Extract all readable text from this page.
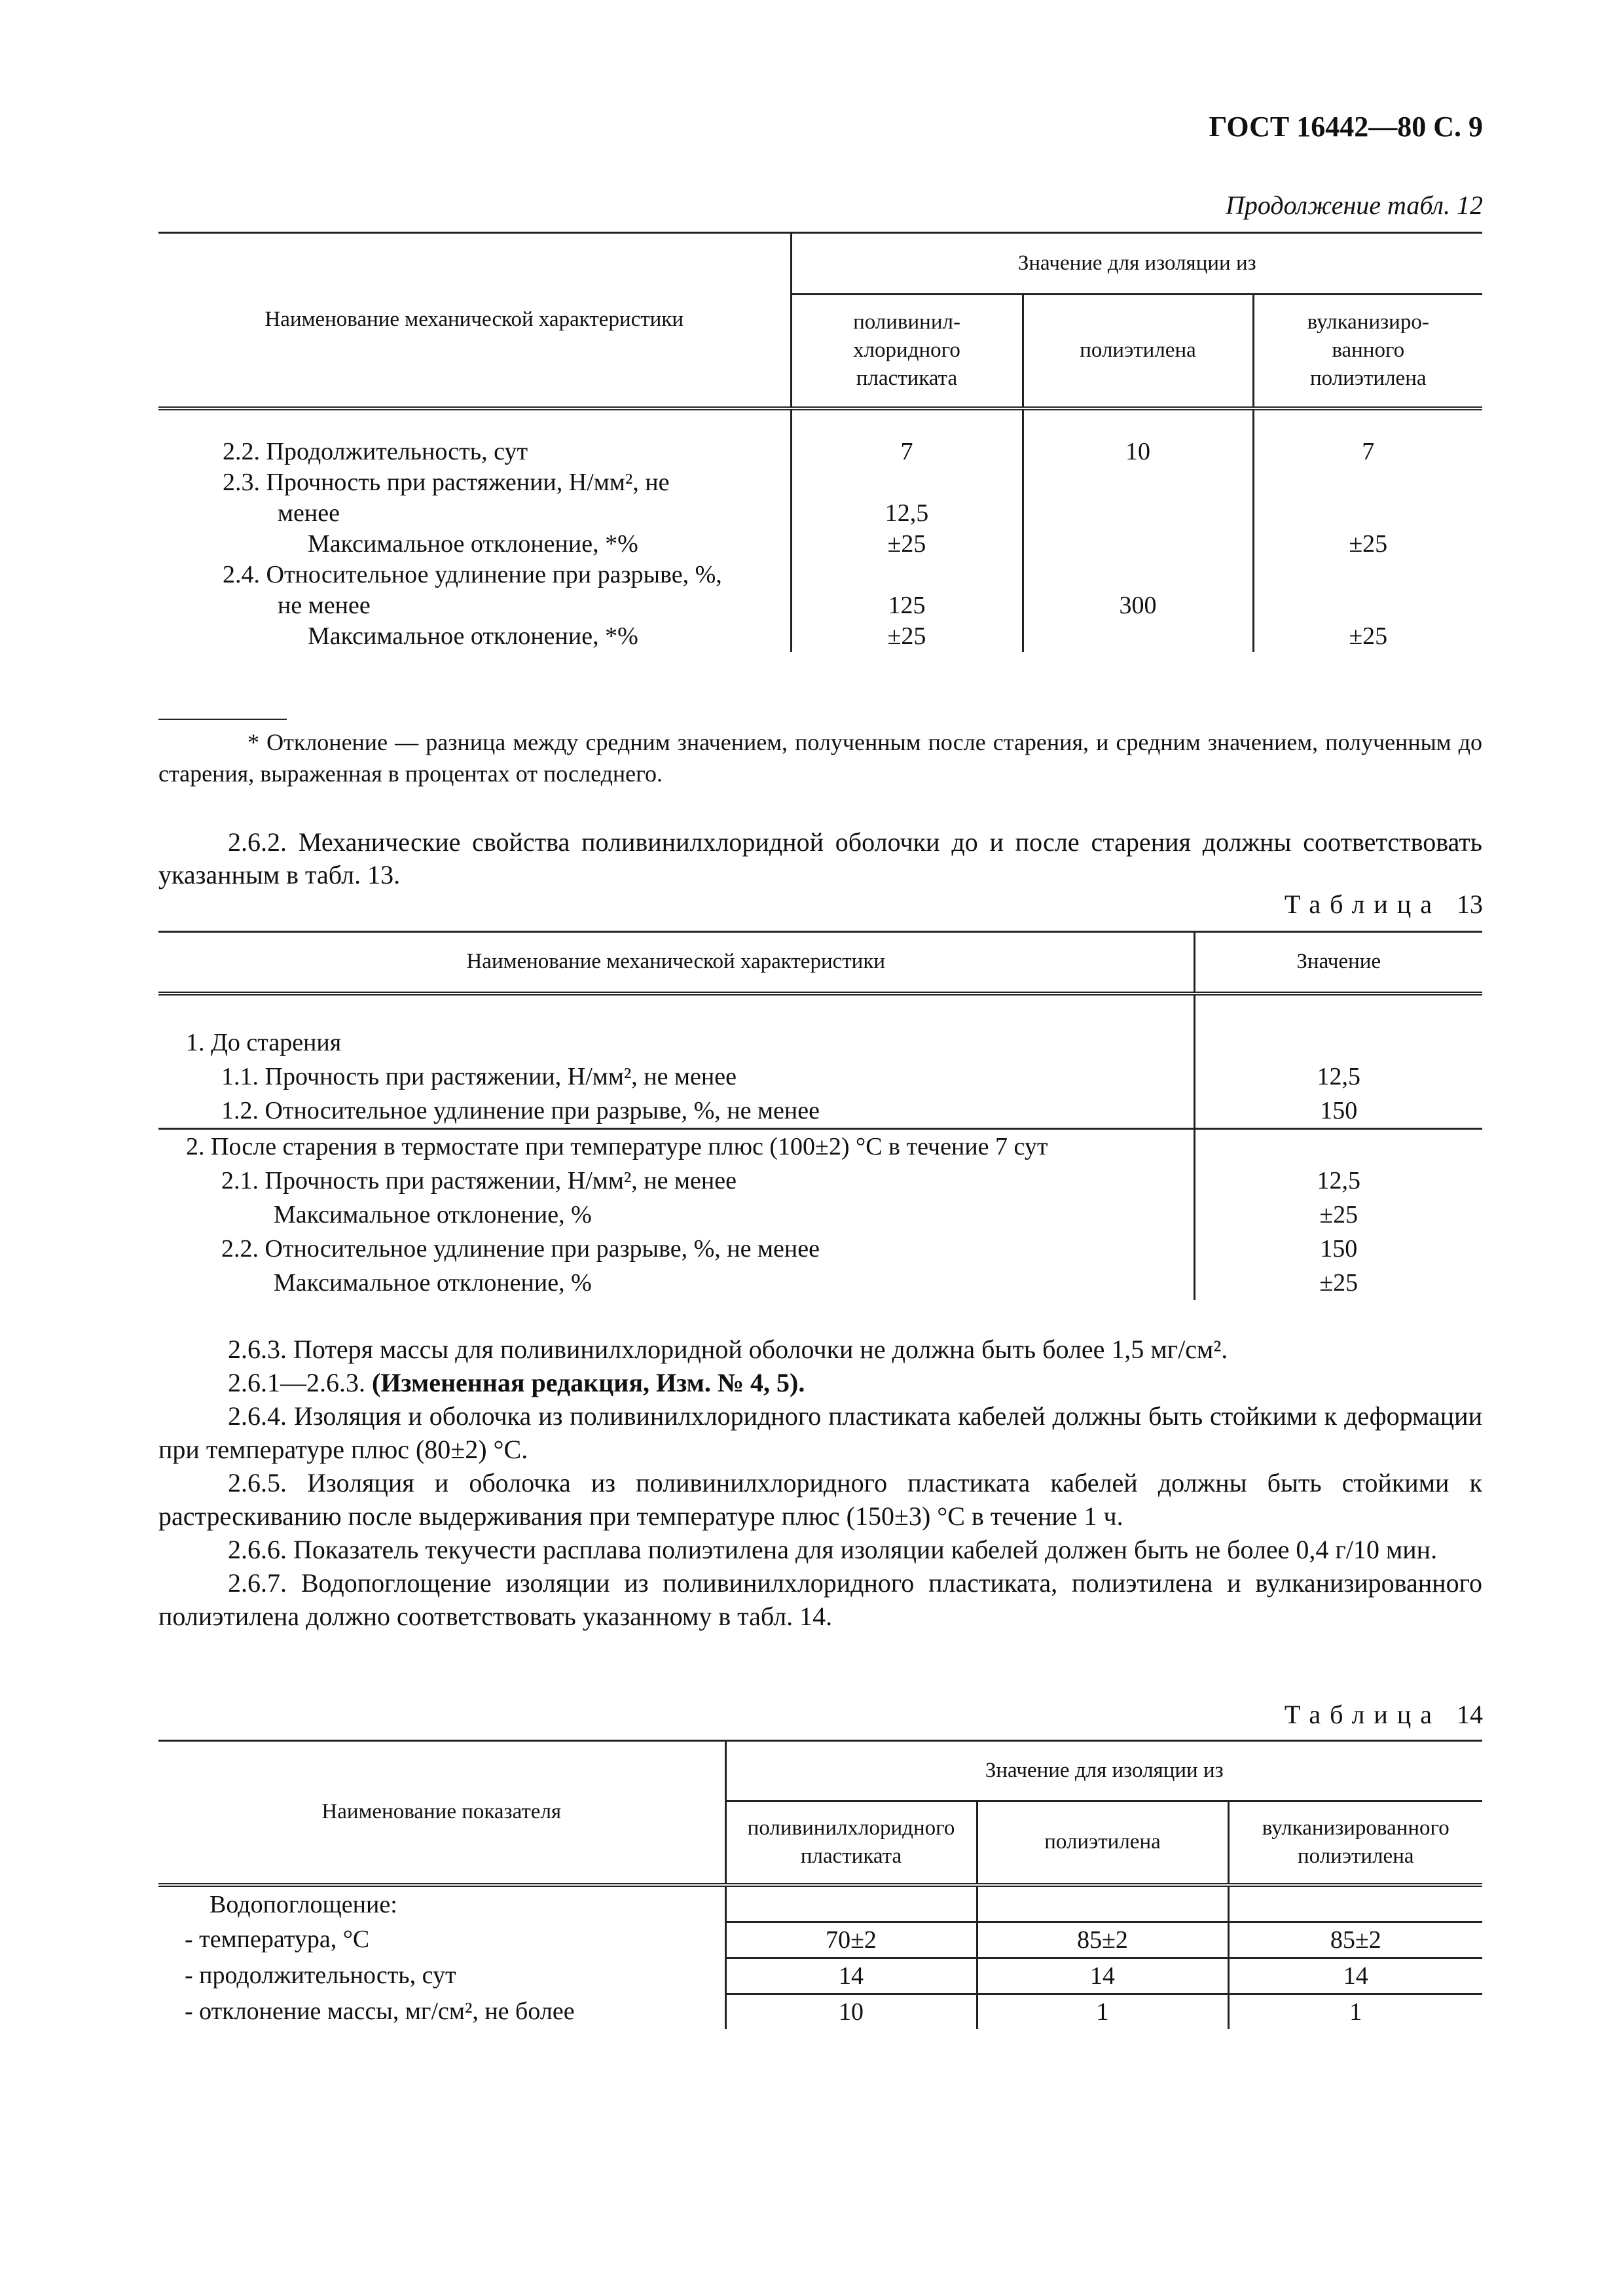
ГОСТ 16442—80 С. 9
Продолжение табл. 12
Наименование механической характеристики	Значение для изоляции из		
	поливинил-
хлоридного
пластиката	полиэтилена	вулканизиро-
ванного
полиэтилена

2.2. Продолжительность, сут	7	10	7
2.3. Прочность при растяжении, Н/мм², не			
менее	12,5		
Максимальное отклонение, *%	±25		±25
2.4. Относительное удлинение при разрыве, %,			
не менее	125	300	
Максимальное отклонение, *%	±25		±25
* Отклонение — разница между средним значением, полученным после старения, и средним значением, полученным до старения, выраженная в процентах от последнего.
2.6.2. Механические свойства поливинилхлоридной оболочки до и после старения должны соответствовать указанным в табл. 13.
Таблица 13
Наименование механической характеристики	Значение

1. До старения	
1.1. Прочность при растяжении, Н/мм², не менее	12,5
1.2. Относительное удлинение при разрыве, %, не менее	150
2. После старения в термостате при температуре плюс (100±2) °С в течение 7 сут	
2.1. Прочность при растяжении, Н/мм², не менее	12,5
Максимальное отклонение, %	±25
2.2. Относительное удлинение при разрыве, %, не менее	150
Максимальное отклонение, %	±25
2.6.3. Потеря массы для поливинилхлоридной оболочки не должна быть более 1,5 мг/см².
2.6.1—2.6.3. (Измененная редакция, Изм. № 4, 5).
2.6.4. Изоляция и оболочка из поливинилхлоридного пластиката кабелей должны быть стойкими к деформации при температуре плюс (80±2) °С.
2.6.5. Изоляция и оболочка из поливинилхлоридного пластиката кабелей должны быть стойкими к растрескиванию после выдерживания при температуре плюс (150±3) °С в течение 1 ч.
2.6.6. Показатель текучести расплава полиэтилена для изоляции кабелей должен быть не более 0,4 г/10 мин.
2.6.7. Водопоглощение изоляции из поливинилхлоридного пластиката, полиэтилена и вулканизированного полиэтилена должно соответствовать указанному в табл. 14.
Таблица 14
Наименование показателя	Значение для изоляции из		
	поливинилхлоридного
пластиката	полиэтилена	вулканизированного
полиэтилена
Водопоглощение:			
- температура, °С	70±2	85±2	85±2
- продолжительность, сут	14	14	14
- отклонение массы, мг/см², не более	10	1	1
